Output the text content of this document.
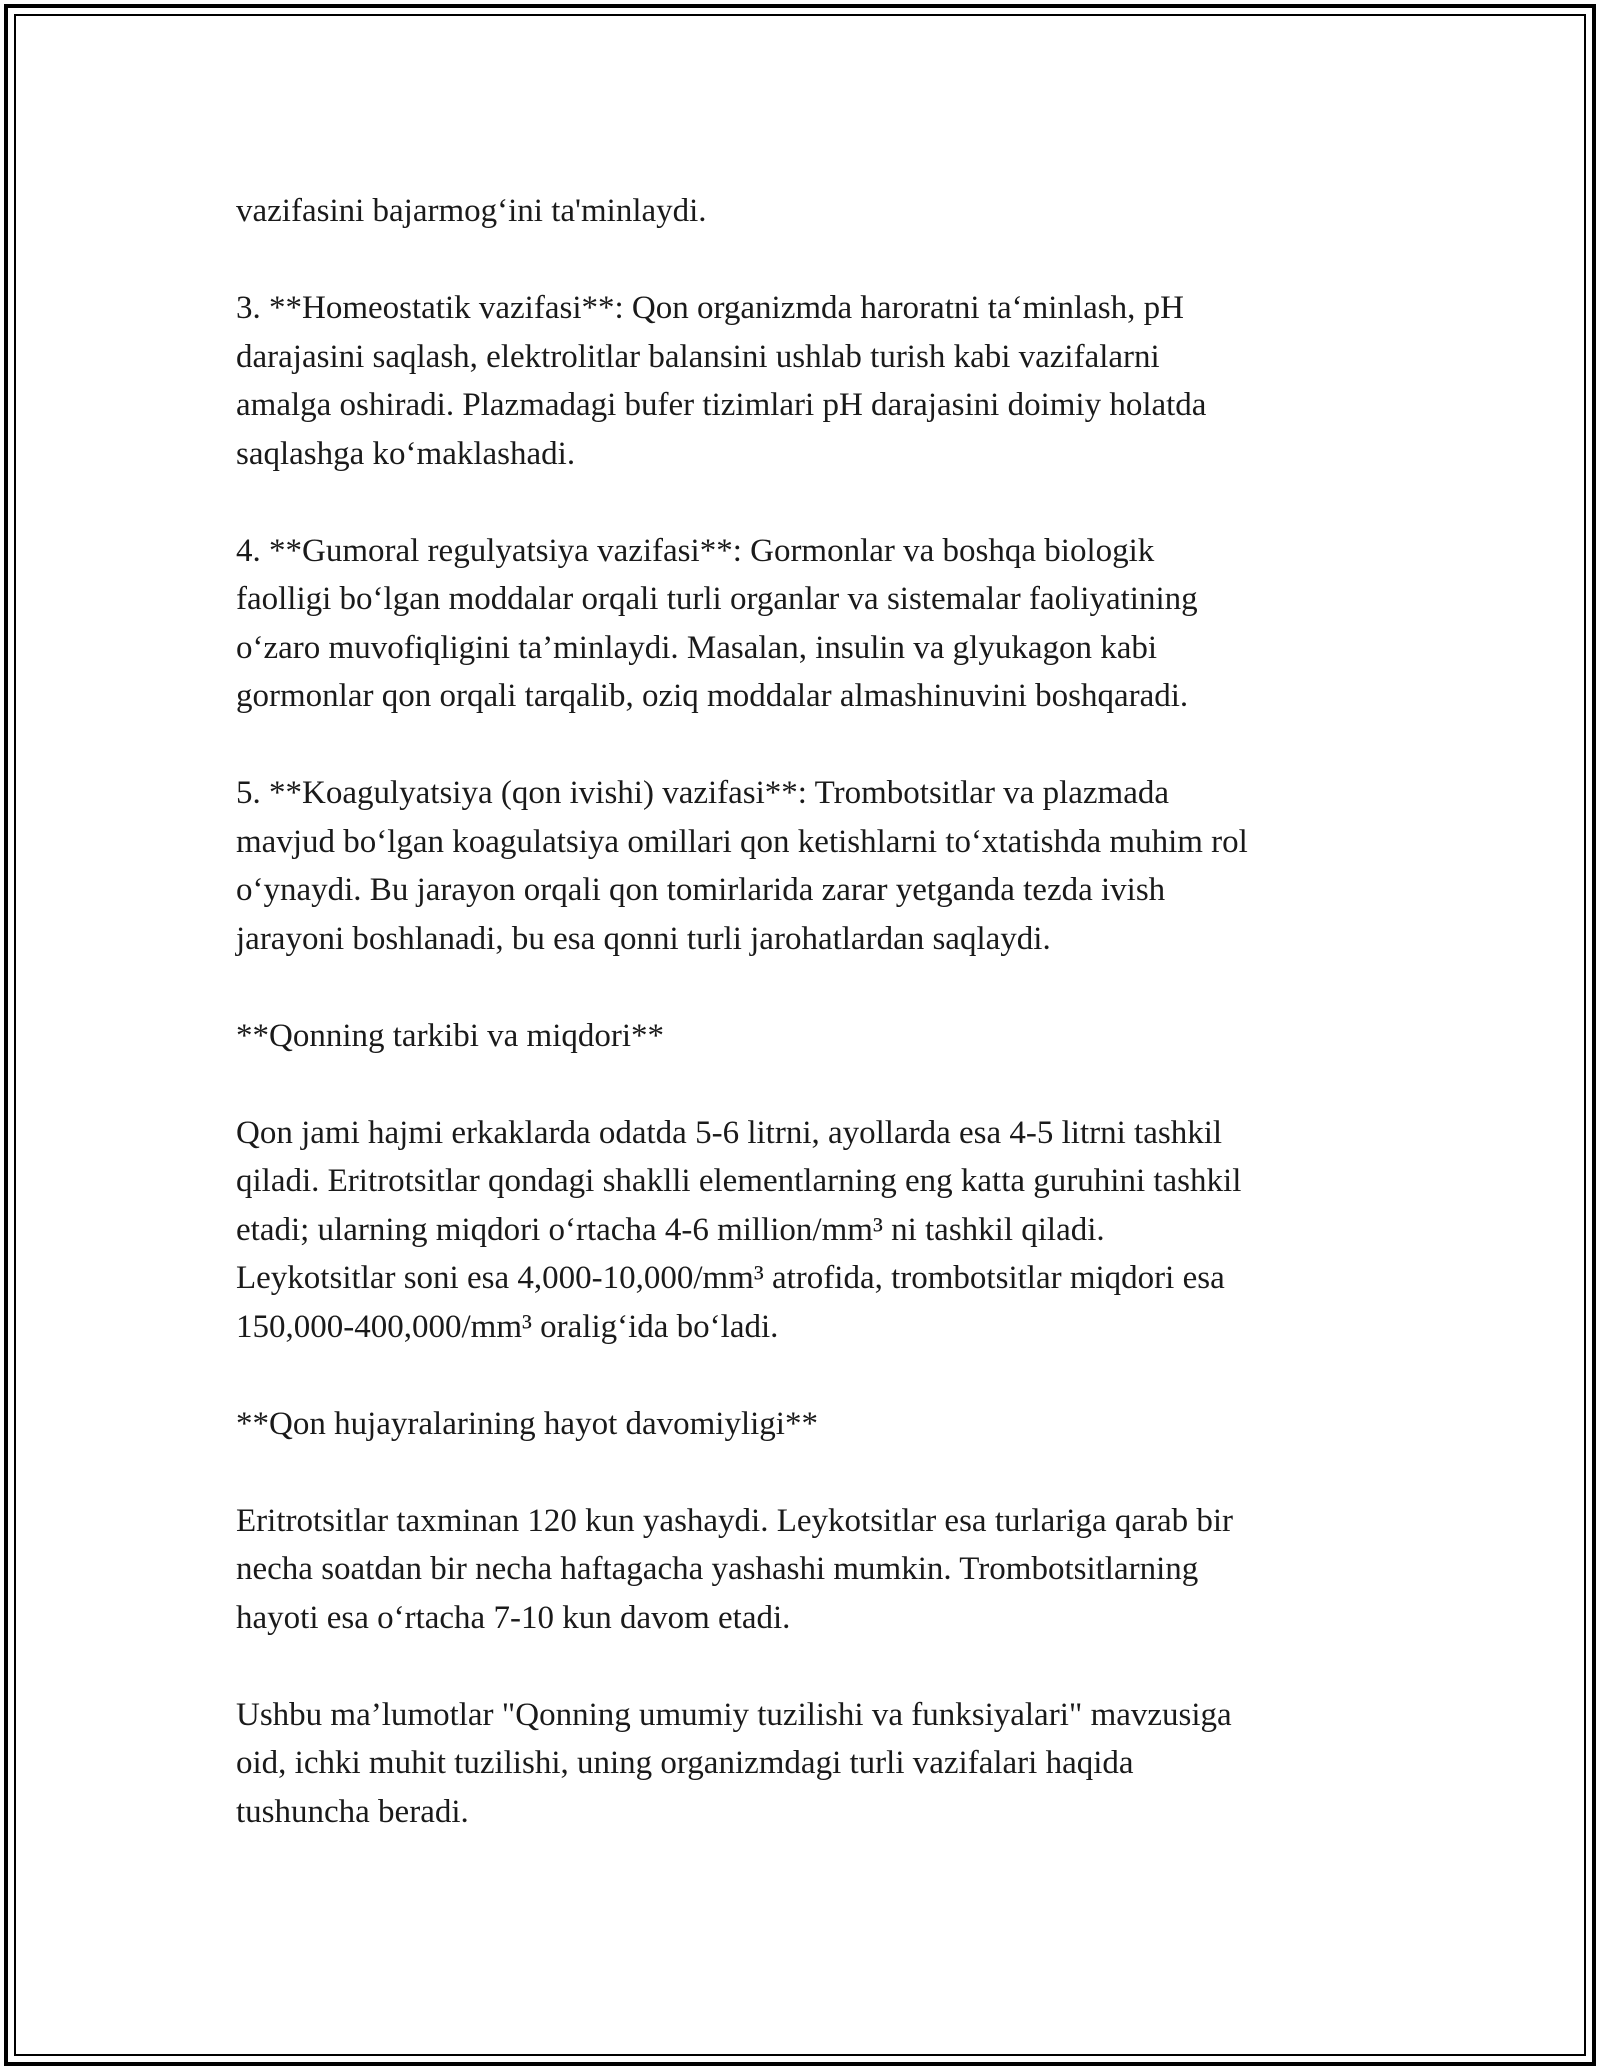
vazifasini bajarmog‘ini ta'minlaydi.

3. **Homeostatik vazifasi**: Qon organizmda haroratni ta‘minlash, pH
darajasini saqlash, elektrolitlar balansini ushlab turish kabi vazifalarni
amalga oshiradi. Plazmadagi bufer tizimlari pH darajasini doimiy holatda
saqlashga ko‘maklashadi.

4. **Gumoral regulyatsiya vazifasi**: Gormonlar va boshqa biologik
faolligi bo‘lgan moddalar orqali turli organlar va sistemalar faoliyatining
o‘zaro muvofiqligini ta’minlaydi. Masalan, insulin va glyukagon kabi
gormonlar qon orqali tarqalib, oziq moddalar almashinuvini boshqaradi.

5. **Koagulyatsiya (qon ivishi) vazifasi**: Trombotsitlar va plazmada
mavjud bo‘lgan koagulatsiya omillari qon ketishlarni to‘xtatishda muhim rol
o‘ynaydi. Bu jarayon orqali qon tomirlarida zarar yetganda tezda ivish
jarayoni boshlanadi, bu esa qonni turli jarohatlardan saqlaydi.

**Qonning tarkibi va miqdori**

Qon jami hajmi erkaklarda odatda 5-6 litrni, ayollarda esa 4-5 litrni tashkil
qiladi. Eritrotsitlar qondagi shaklli elementlarning eng katta guruhini tashkil
etadi; ularning miqdori o‘rtacha 4-6 million/mm³ ni tashkil qiladi.
Leykotsitlar soni esa 4,000-10,000/mm³ atrofida, trombotsitlar miqdori esa
150,000-400,000/mm³ oralig‘ida bo‘ladi.

**Qon hujayralarining hayot davomiyligi**

Eritrotsitlar taxminan 120 kun yashaydi. Leykotsitlar esa turlariga qarab bir
necha soatdan bir necha haftagacha yashashi mumkin. Trombotsitlarning
hayoti esa o‘rtacha 7-10 kun davom etadi.

Ushbu ma’lumotlar "Qonning umumiy tuzilishi va funksiyalari" mavzusiga
oid, ichki muhit tuzilishi, uning organizmdagi turli vazifalari haqida
tushuncha beradi.
